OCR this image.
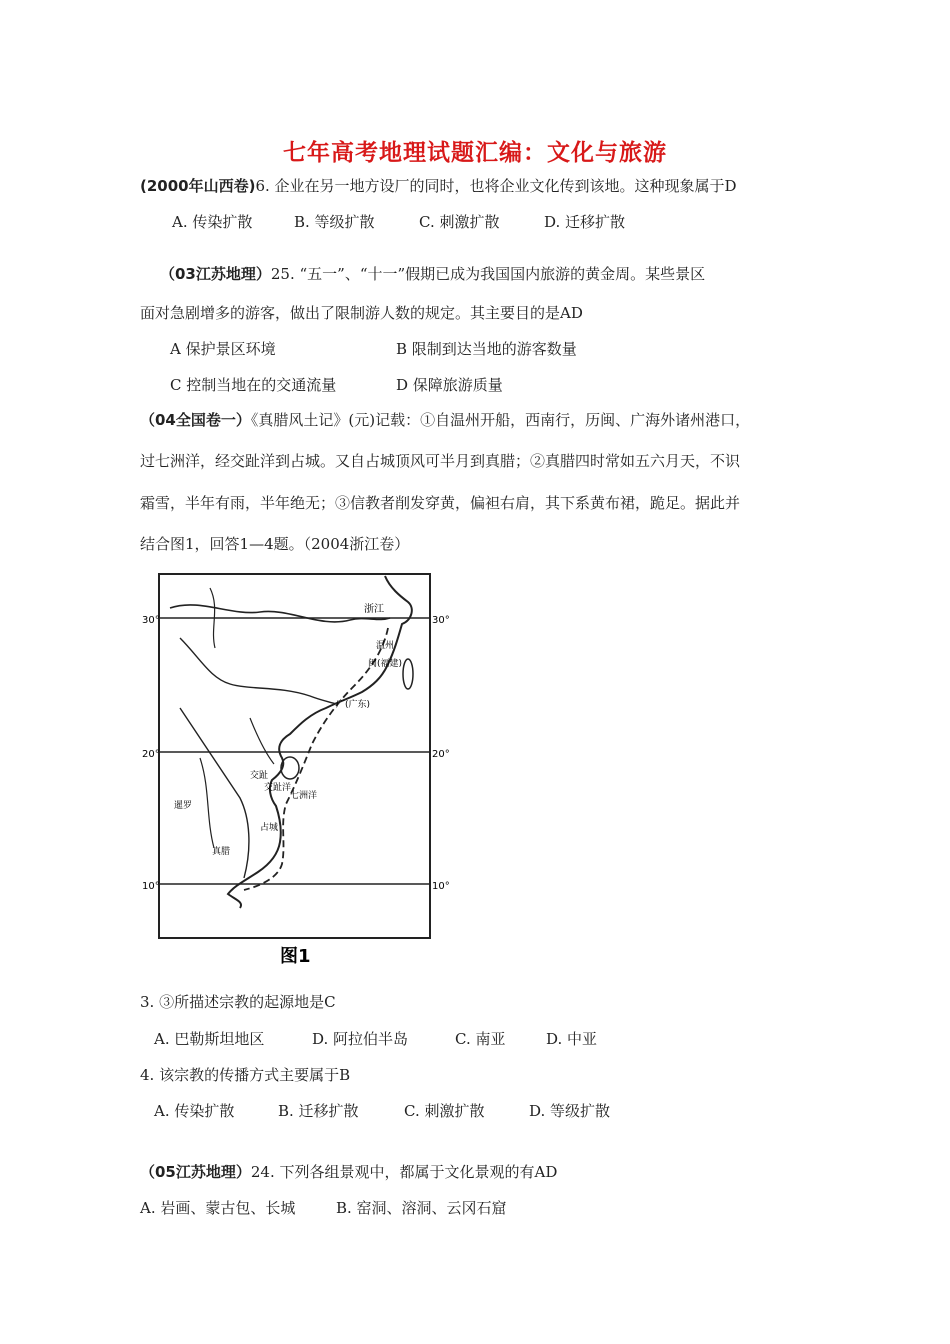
七年高考地理试题汇编：文化与旅游
(2000年山西卷)6. 企业在另一地方设厂的同时，也将企业文化传到该地。这种现象属于D
A. 传染扩散	B. 等级扩散	C. 刺激扩散	D. 迁移扩散
（03江苏地理）25. “五一”、“十一”假期已成为我国国内旅游的黄金周。某些景区
面对急剧增多的游客，做出了限制游人数的规定。其主要目的是AD
A 保护景区环境	B 限制到达当地的游客数量
C 控制当地在的交通流量	D 保障旅游质量
（04全国卷一）《真腊风土记》(元)记载：①自温州开船，西南行，历闽、广海外诸州港口，
过七洲洋，经交趾洋到占城。又自占城顶风可半月到真腊；②真腊四时常如五六月天，不识
霜雪，半年有雨，半年绝无；③信教者削发穿黄，偏袒右肩，其下系黄布裙，跪足。据此并
结合图1，回答1—4题。（2004浙江卷）
30°	30°
20°	20°
10°	10°
浙江
温州
闽(福建)
广(广东)
交趾
交趾洋
七洲洋
占城
暹罗
真腊
图1
3. ③所描述宗教的起源地是C
A. 巴勒斯坦地区	D. 阿拉伯半岛	C. 南亚	D. 中亚
4. 该宗教的传播方式主要属于B
A. 传染扩散	B. 迁移扩散	C. 刺激扩散	D. 等级扩散
（05江苏地理）24. 下列各组景观中，都属于文化景观的有AD
A. 岩画、蒙古包、长城	B. 窑洞、溶洞、云冈石窟
